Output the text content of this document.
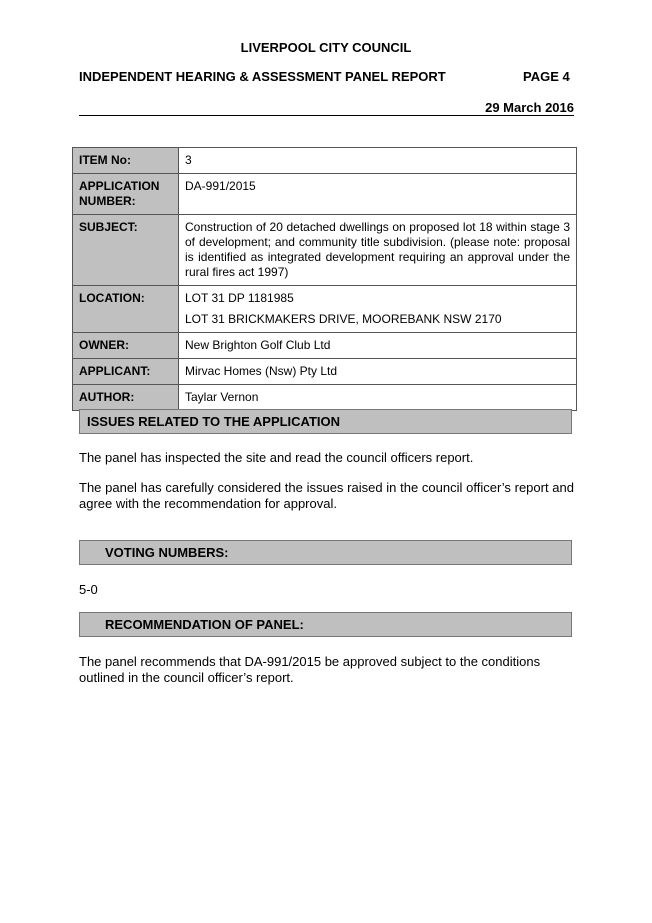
LIVERPOOL CITY COUNCIL
INDEPENDENT HEARING & ASSESSMENT PANEL REPORT	PAGE 4
29 March 2016
ITEM No:	3
APPLICATION NUMBER:	DA-991/2015
SUBJECT:	Construction of 20 detached dwellings on proposed lot 18 within stage 3 of development; and community title subdivision. (please note: proposal is identified as integrated development requiring an approval under the rural fires act 1997)
LOCATION:	LOT 31 DP 1181985
LOT 31 BRICKMAKERS DRIVE, MOOREBANK NSW 2170

OWNER:	New Brighton Golf Club Ltd
APPLICANT:	Mirvac Homes (Nsw) Pty Ltd
AUTHOR:	Taylar Vernon
ISSUES RELATED TO THE APPLICATION
The panel has inspected the site and read the council officers report.
The panel has carefully considered the issues raised in the council officer’s report and agree with the recommendation for approval.
VOTING NUMBERS:
5-0
RECOMMENDATION OF PANEL:
The panel recommends that DA-991/2015 be approved subject to the conditions outlined in the council officer’s report.
